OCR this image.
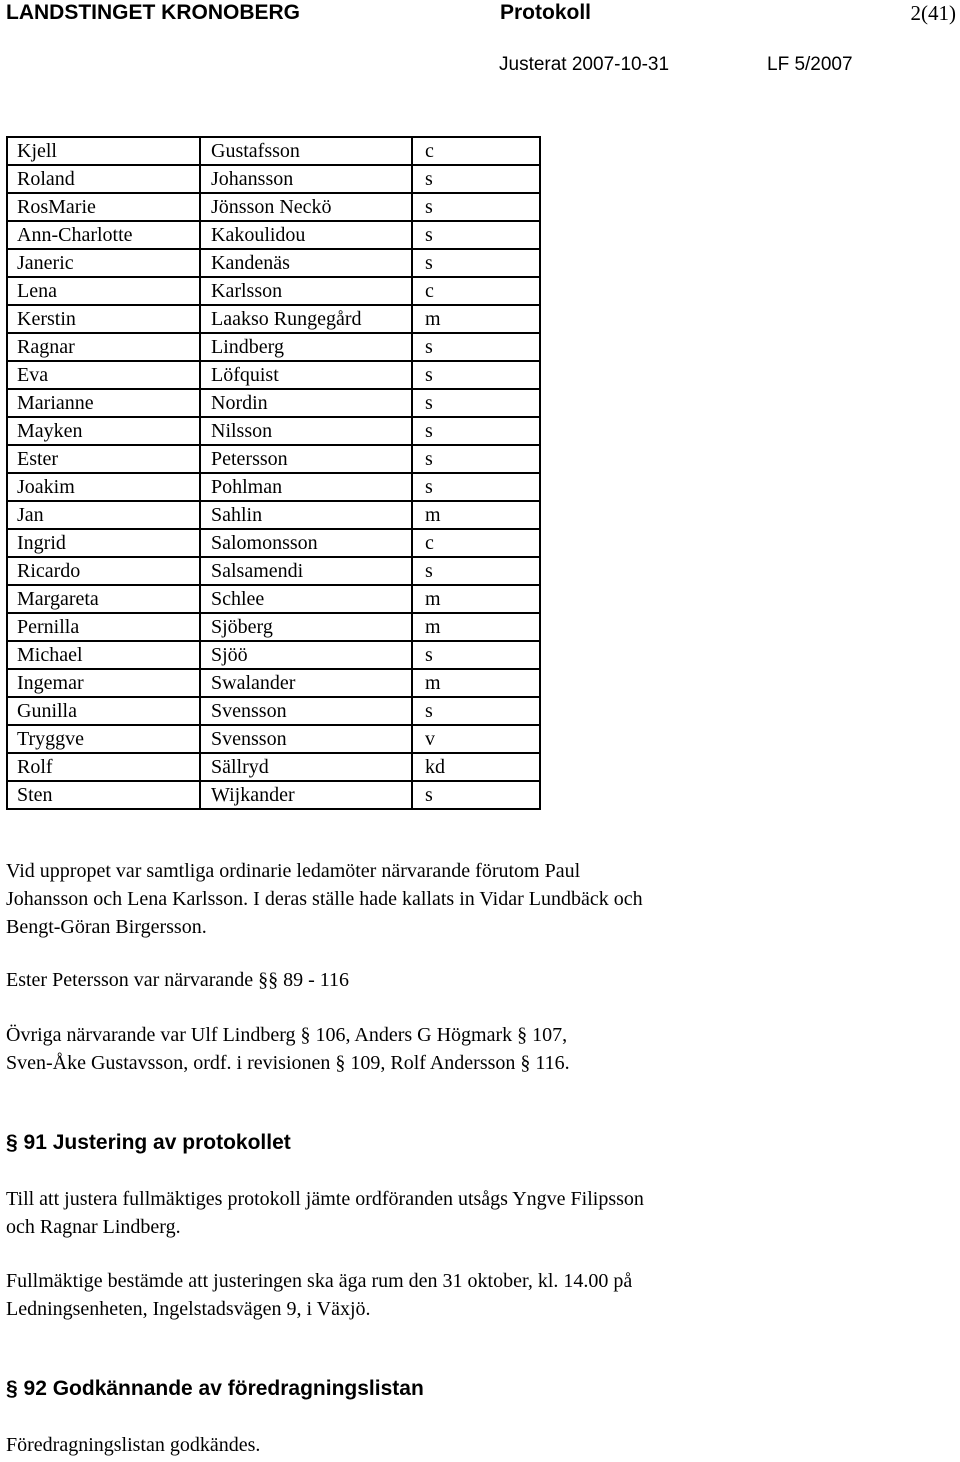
LANDSTINGET KRONOBERG	Protokoll	2(41)
Justerat 2007-10-31	LF 5/2007
Kjell	Gustafsson	c
Roland	Johansson	s
RosMarie	Jönsson Neckö	s
Ann-Charlotte	Kakoulidou	s
Janeric	Kandenäs	s
Lena	Karlsson	c
Kerstin	Laakso Rungegård	m
Ragnar	Lindberg	s
Eva	Löfquist	s
Marianne	Nordin	s
Mayken	Nilsson	s
Ester	Petersson	s
Joakim	Pohlman	s
Jan	Sahlin	m
Ingrid	Salomonsson	c
Ricardo	Salsamendi	s
Margareta	Schlee	m
Pernilla	Sjöberg	m
Michael	Sjöö	s
Ingemar	Swalander	m
Gunilla	Svensson	s
Tryggve	Svensson	v
Rolf	Sällryd	kd
Sten	Wijkander	s

Vid uppropet var samtliga ordinarie ledamöter närvarande förutom Paul
Johansson och Lena Karlsson. I deras ställe hade kallats in Vidar Lundbäck och
Bengt-Göran Birgersson.

Ester Petersson var närvarande §§ 89 - 116

Övriga närvarande var Ulf Lindberg § 106, Anders G Högmark § 107,
Sven-Åke Gustavsson, ordf. i revisionen § 109, Rolf Andersson § 116.

§ 91 Justering av protokollet

Till att justera fullmäktiges protokoll jämte ordföranden utsågs Yngve Filipsson
och Ragnar Lindberg.

Fullmäktige bestämde att justeringen ska äga rum den 31 oktober, kl. 14.00 på
Ledningsenheten, Ingelstadsvägen 9, i Växjö.

§ 92 Godkännande av föredragningslistan

Föredragningslistan godkändes.
